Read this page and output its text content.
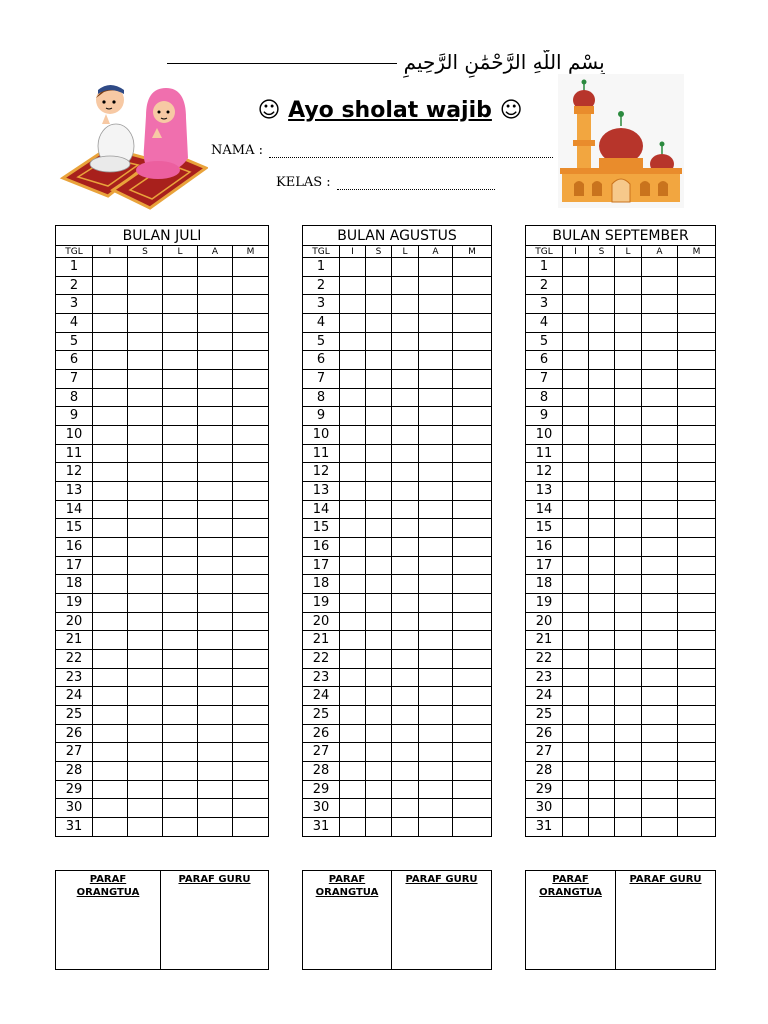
بِسْمِ اللَّهِ الرَّحْمَٰنِ الرَّحِيمِ
☺ Ayo sholat wajib ☺
NAMA :
KELAS :
BULAN JULI					
TGL	I	S	L	A	M
1					
2					
3					
4					
5					
6					
7					
8					
9					
10					
11					
12					
13					
14					
15					
16					
17					
18					
19					
20					
21					
22					
23					
24					
25					
26					
27					
28					
29					
30					
31					
BULAN AGUSTUS					
TGL	I	S	L	A	M
1					
2					
3					
4					
5					
6					
7					
8					
9					
10					
11					
12					
13					
14					
15					
16					
17					
18					
19					
20					
21					
22					
23					
24					
25					
26					
27					
28					
29					
30					
31					
BULAN SEPTEMBER					
TGL	I	S	L	A	M
1					
2					
3					
4					
5					
6					
7					
8					
9					
10					
11					
12					
13					
14					
15					
16					
17					
18					
19					
20					
21					
22					
23					
24					
25					
26					
27					
28					
29					
30					
31					
PARAF ORANGTUA	PARAF GURU	PARAF ORANGTUA	PARAF GURU	PARAF ORANGTUA	PARAF GURU
